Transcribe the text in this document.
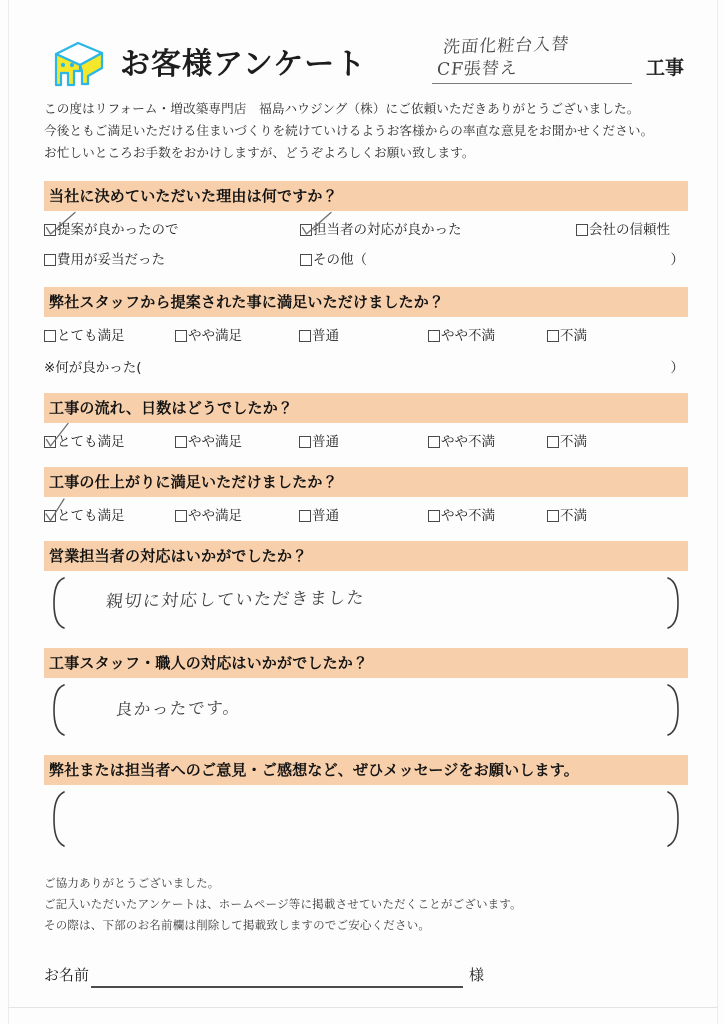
お客様アンケート
洗面化粧台入替
CF張替え	工事

この度はリフォーム・増改築専門店　福島ハウジング（株）にご依頼いただきありがとうございました。

今後ともご満足いただける住まいづくりを続けていけるようお客様からの率直な意見をお聞かせください。

お忙しいところお手数をおかけしますが、どうぞよろしくお願い致します。

当社に決めていただいた理由は何ですか？
提案が良かったので	担当者の対応が良かった	会社の信頼性
費用が妥当だった	その他（	）
弊社スタッフから提案された事に満足いただけましたか？
とても満足	やや満足	普通	やや不満	不満
※何が良かった(	）
工事の流れ、日数はどうでしたか？
とても満足	やや満足	普通	やや不満	不満
工事の仕上がりに満足いただけましたか？
とても満足	やや満足	普通	やや不満	不満
営業担当者の対応はいかがでしたか？
親切に対応していただきました
工事スタッフ・職人の対応はいかがでしたか？
良かったです。
弊社または担当者へのご意見・ご感想など、ぜひメッセージをお願いします。

ご協力ありがとうございました。

ご記入いただいたアンケートは、ホームページ等に掲載させていただくことがございます。

その際は、下部のお名前欄は削除して掲載致しますのでご安心ください。

お名前	様
